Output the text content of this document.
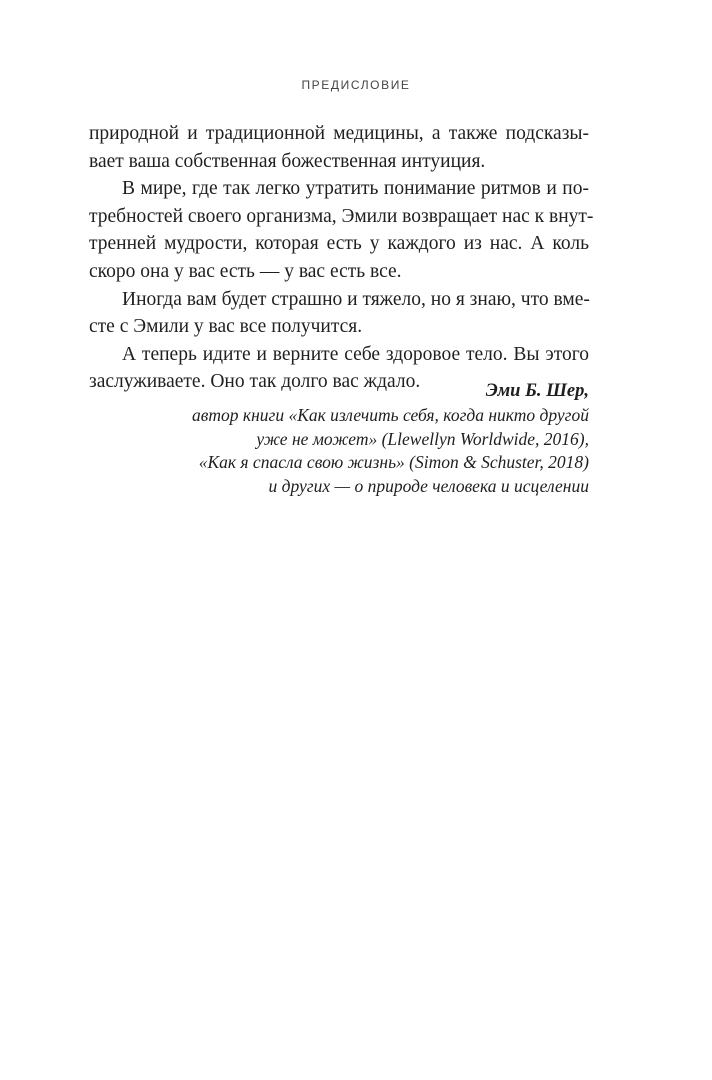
ПРЕДИСЛОВИЕ
природной и традиционной медицины, а также подсказы-
вает ваша собственная божественная интуиция.
В мире, где так легко утратить понимание ритмов и по-
требностей своего организма, Эмили возвращает нас к внут-
тренней мудрости, которая есть у каждого из нас. А коль
скоро она у вас есть — у вас есть все.
Иногда вам будет страшно и тяжело, но я знаю, что вме-
сте с Эмили у вас все получится.
А теперь идите и верните себе здоровое тело. Вы этого
заслуживаете. Оно так долго вас ждало.	Эми Б. Шер,
автор книги «Как излечить себя, когда никто другой
уже не может» (Llewellyn Worldwide, 2016),
«Как я спасла свою жизнь» (Simon & Schuster, 2018)
и других — о природе человека и исцелении
